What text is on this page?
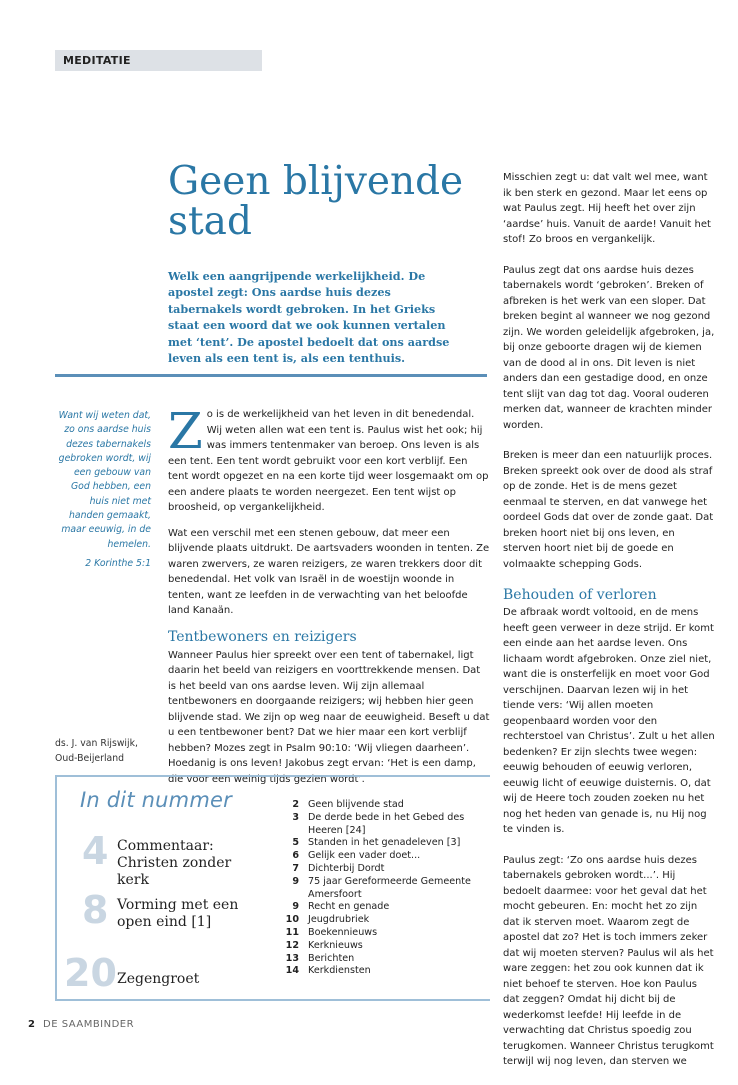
MEDITATIE
Geen blijvende stad

Welk een aangrijpende werkelijkheid. De apostel zegt: Ons aardse huis dezes tabernakels wordt gebroken. In het Grieks staat een woord dat we ook kunnen vertalen met ‘tent’. De apostel bedoelt dat ons aardse leven als een tent is, als een tenthuis.

Want wij weten dat, zo ons aardse huis dezes tabernakels gebroken wordt, wij een gebouw van God hebben, een huis niet met handen gemaakt, maar eeuwig, in de hemelen.

2 Korinthe 5:1
ds. J. van Rijswijk,
Oud-Beijerland

Zo is de werkelijkheid van het leven in dit benedendal. Wij weten allen wat een tent is. Paulus wist het ook; hij was immers tentenmaker van beroep. Ons leven is als een tent. Een tent wordt gebruikt voor een kort verblijf. Een tent wordt opgezet en na een korte tijd weer losgemaakt om op een andere plaats te worden neergezet. Een tent wijst op broosheid, op vergankelijkheid.

Wat een verschil met een stenen gebouw, dat meer een blijvende plaats uitdrukt. De aartsvaders woonden in tenten. Ze waren zwervers, ze waren reizigers, ze waren trekkers door dit benedendal. Het volk van Israël in de woestijn woonde in tenten, want ze leefden in de verwachting van het beloofde land Kanaän.

Tentbewoners en reizigers

Wanneer Paulus hier spreekt over een tent of tabernakel, ligt daarin het beeld van reizigers en voorttrekkende mensen. Dat is het beeld van ons aardse leven. Wij zijn allemaal tentbewoners en doorgaande reizigers; wij hebben hier geen blijvende stad. We zijn op weg naar de eeuwigheid. Beseft u dat u een tentbewoner bent? Dat we hier maar een kort verblijf hebben? Mozes zegt in Psalm 90:10: ‘Wij vliegen daarheen’. Hoedanig is ons leven! Jakobus zegt ervan: ‘Het is een damp, die voor een weinig tijds gezien wordt’.

Misschien zegt u: dat valt wel mee, want ik ben sterk en gezond. Maar let eens op wat Paulus zegt. Hij heeft het over zijn ‘aardse’ huis. Vanuit de aarde! Vanuit het stof! Zo broos en vergankelijk.

Paulus zegt dat ons aardse huis dezes tabernakels wordt ‘gebroken’. Breken of afbreken is het werk van een sloper. Dat breken begint al wanneer we nog gezond zijn. We worden geleidelijk afgebroken, ja, bij onze geboorte dragen wij de kiemen van de dood al in ons. Dit leven is niet anders dan een gestadige dood, en onze tent slijt van dag tot dag. Vooral ouderen merken dat, wanneer de krachten minder worden.

Breken is meer dan een natuurlijk proces. Breken spreekt ook over de dood als straf op de zonde. Het is de mens gezet eenmaal te sterven, en dat vanwege het oordeel Gods dat over de zonde gaat. Dat breken hoort niet bij ons leven, en sterven hoort niet bij de goede en volmaakte schepping Gods.

Behouden of verloren

De afbraak wordt voltooid, en de mens heeft geen verweer in deze strijd. Er komt een einde aan het aardse leven. Ons lichaam wordt afgebroken. Onze ziel niet, want die is onsterfelijk en moet voor God verschijnen. Daarvan lezen wij in het tiende vers: ‘Wij allen moeten geopenbaard worden voor den rechterstoel van Christus’. Zult u het allen bedenken? Er zijn slechts twee wegen: eeuwig behouden of eeuwig verloren, eeuwig licht of eeuwige duisternis. O, dat wij de Heere toch zouden zoeken nu het nog het heden van genade is, nu Hij nog te vinden is.

Paulus zegt: ‘Zo ons aardse huis dezes tabernakels gebroken wordt...’. Hij bedoelt daarmee: voor het geval dat het mocht gebeuren. En: mocht het zo zijn dat ik sterven moet. Waarom zegt de apostel dat zo? Het is toch immers zeker dat wij moeten sterven? Paulus wil als het ware zeggen: het zou ook kunnen dat ik niet behoef te sterven. Hoe kon Paulus dat zeggen? Omdat hij dicht bij de wederkomst leefde! Hij leefde in de verwachting dat Christus spoedig zou terugkomen. Wanneer Christus terugkomt terwijl wij nog leven, dan sterven we

In dit nummer
4 Commentaar: Christen zonder kerk
8 Vorming met een open eind [1]
20 Zegengroet
2 Geen blijvende stad
3 De derde bede in het Gebed des Heeren [24]
5 Standen in het genadeleven [3]
6 Gelijk een vader doet...
7 Dichterbij Dordt
9 75 jaar Gereformeerde Gemeente Amersfoort
9 Recht en genade
10 Jeugdrubriek
11 Boekennieuws
12 Kerknieuws
13 Berichten
14 Kerkdiensten
2 DE SAAMBINDER
